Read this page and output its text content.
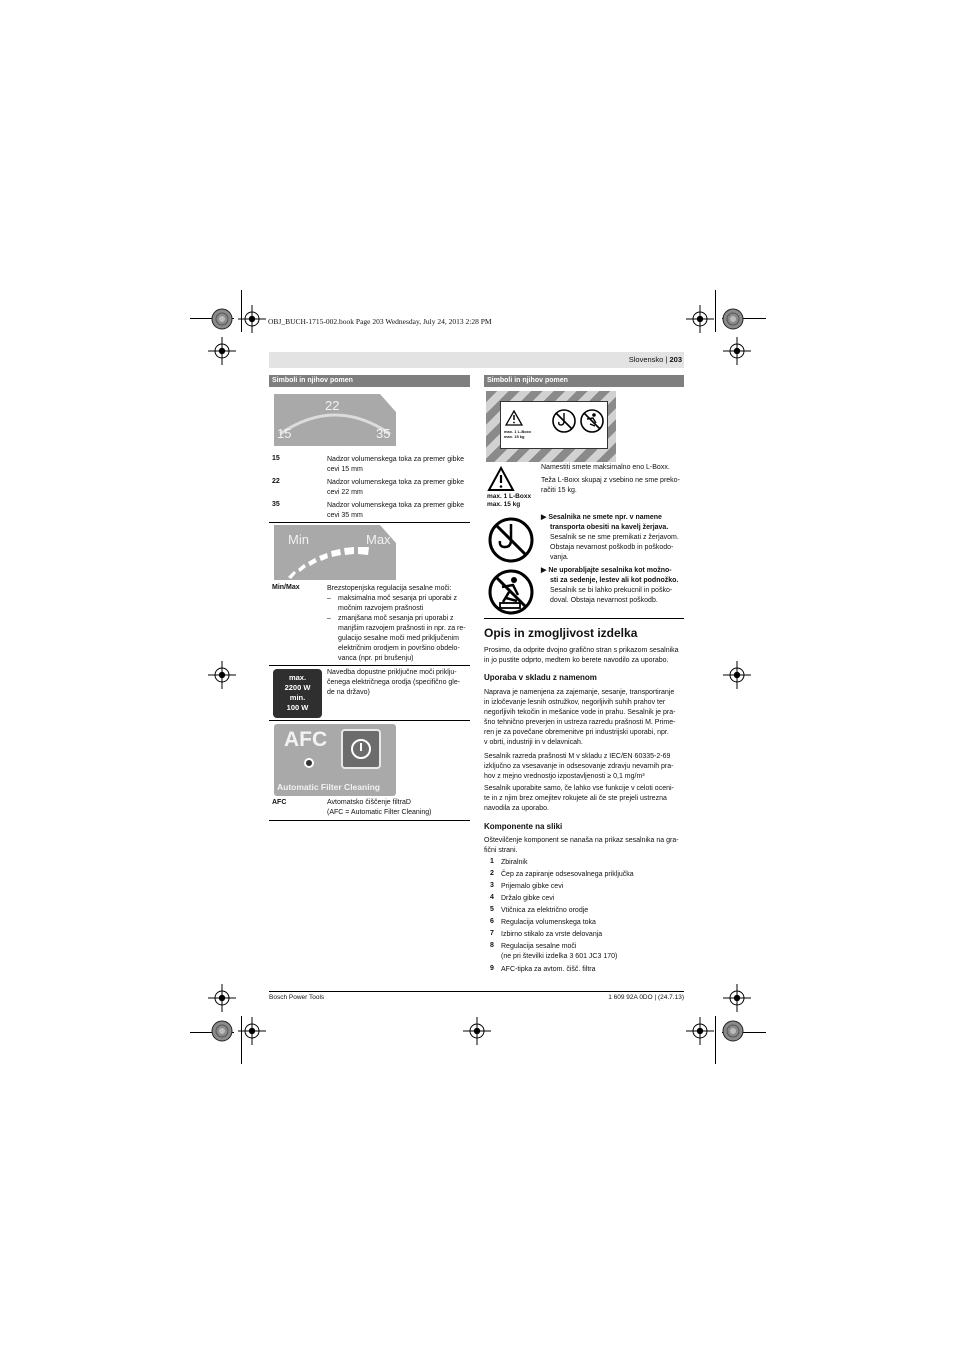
OBJ_BUCH-1715-002.book Page 203 Wednesday, July 24, 2013 2:28 PM
Slovensko | 203
Simboli in njihov pomen
15
22
35
15	Nadzor volumenskega toka za premer gibke
cevi 15 mm
22	Nadzor volumenskega toka za premer gibke
cevi 22 mm
35	Nadzor volumenskega toka za premer gibke
cevi 35 mm
Min	Max
Min/Max	Brezstopenjska regulacija sesalne moči:
– maksimalna moč sesanja pri uporabi z
močnim razvojem prašnosti
– zmanjšana moč sesanja pri uporabi z
manjšim razvojem prašnosti in npr. za re-
gulacijo sesalne moči med priključenim
električnim orodjem in površino obdelo-
vanca (npr. pri brušenju)
max.
2200 W
min.
100 W
Navedba dopustne priključne moči priklju-
čenega električnega orodja (specifično gle-
de na državo)
AFC
Automatic Filter Cleaning
AFC	Avtomatsko čiščenje filtraD
(AFC = Automatic Filter Cleaning)
Simboli in njihov pomen
max. 1 L-Boxx
max. 15 kg
max. 1 L-Boxx
max. 15 kg
Namestiti smete maksimalno eno L-Boxx.
Teža L-Boxx skupaj z vsebino ne sme preko-
račiti 15 kg.
▶ Sesalnika ne smete npr. v namene
transporta obesiti na kavelj žerjava.
Sesalnik se ne sme premikati z žerjavom.
Obstaja nevarnost poškodb in poškodo-
vanja.
▶ Ne uporabljajte sesalnika kot možno-
sti za sedenje, lestev ali kot podnožko.
Sesalnik se bi lahko prekucnil in poško-
doval. Obstaja nevarnost poškodb.
Opis in zmogljivost izdelka
Prosimo, da odprite dvojno grafično stran s prikazom sesalnika
in jo pustite odprto, medtem ko berete navodilo za uporabo.
Uporaba v skladu z namenom
Naprava je namenjena za zajemanje, sesanje, transportiranje
in izločevanje lesnih ostružkov, negorljivih suhih prahov ter
negorljivih tekočin in mešanice vode in prahu. Sesalnik je pra-
šno tehnično preverjen in ustreza razredu prašnosti M. Prime-
ren je za povečane obremenitve pri industrijski uporabi, npr.
v obrti, industriji in v delavnicah.
Sesalnik razreda prašnosti M v skladu z IEC/EN 60335-2-69
izključno za vsesavanje in odsesovanje zdravju nevarnih pra-
hov z mejno vrednostjo izpostavljenosti ≥ 0,1 mg/m³
Sesalnik uporabite samo, če lahko vse funkcije v celoti oceni-
te in z njim brez omejitev rokujete ali če ste prejeli ustrezna
navodila za uporabo.
Komponente na sliki
Oštevilčenje komponent se nanaša na prikaz sesalnika na gra-
fični strani.
1 Zbiralnik
2 Čep za zapiranje odsesovalnega priključka
3 Prijemalo gibke cevi
4 Držalo gibke cevi
5 Vtičnica za električno orodje
6 Regulacija volumenskega toka
7 Izbirno stikalo za vrste delovanja
8 Regulacija sesalne moči
(ne pri številki izdelka 3 601 JC3 170)
9 AFC-tipka za avtom. čišč. filtra
Bosch Power Tools	1 609 92A 0DO | (24.7.13)
